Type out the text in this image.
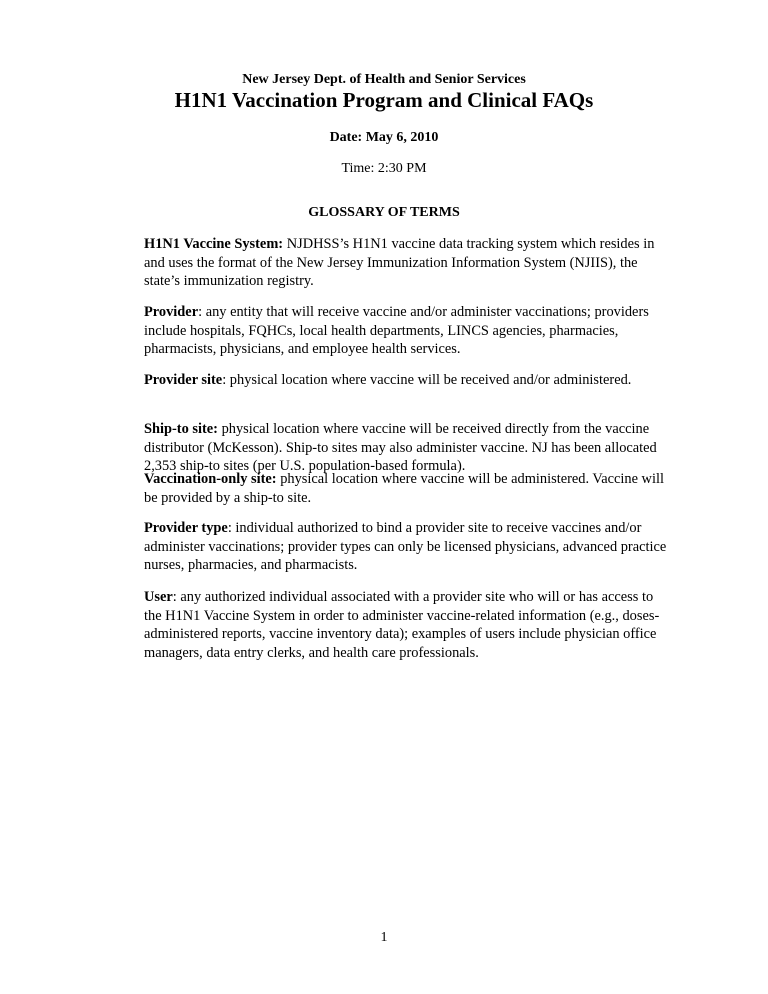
New Jersey Dept. of Health and Senior Services
H1N1 Vaccination Program and Clinical FAQs
Date: May 6, 2010
Time: 2:30 PM
GLOSSARY OF TERMS

H1N1 Vaccine System: NJDHSS’s H1N1 vaccine data tracking system which resides in and uses the format of the New Jersey Immunization Information System (NJIIS), the state’s immunization registry.

Provider: any entity that will receive vaccine and/or administer vaccinations; providers include hospitals, FQHCs, local health departments, LINCS agencies, pharmacies, pharmacists, physicians, and employee health services.

Provider site: physical location where vaccine will be received and/or administered.

Ship-to site: physical location where vaccine will be received directly from the vaccine distributor (McKesson). Ship-to sites may also administer vaccine. NJ has been allocated 2,353 ship-to sites (per U.S. population-based formula).

Vaccination-only site: physical location where vaccine will be administered. Vaccine will be provided by a ship-to site.

Provider type: individual authorized to bind a provider site to receive vaccines and/or administer vaccinations; provider types can only be licensed physicians, advanced practice nurses, pharmacies, and pharmacists.

User: any authorized individual associated with a provider site who will or has access to the H1N1 Vaccine System in order to administer vaccine-related information (e.g., doses-administered reports, vaccine inventory data); examples of users include physician office managers, data entry clerks, and health care professionals.

1
